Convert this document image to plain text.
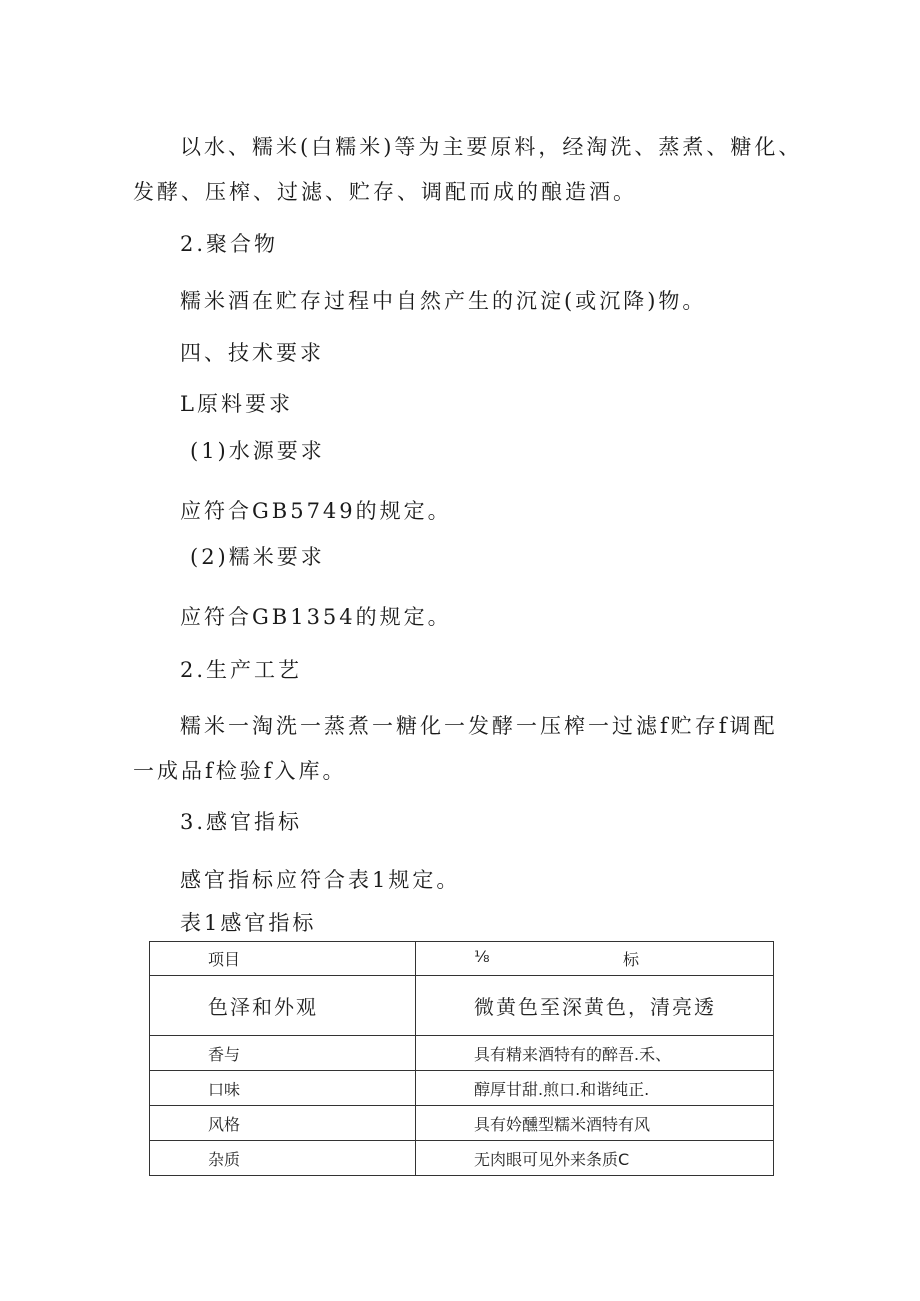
以水、糯米(白糯米)等为主要原料，经淘洗、蒸煮、糖化、
发酵、压榨、过滤、贮存、调配而成的酿造酒。
2.聚合物
糯米酒在贮存过程中自然产生的沉淀(或沉降)物。
四、技术要求
L原料要求
(1)水源要求
应符合GB5749的规定。
(2)糯米要求
应符合GB1354的规定。
2.生产工艺
糯米一淘洗一蒸煮一糖化一发酵一压榨一过滤f贮存f调配
一成品f检验f入库。
3.感官指标
感官指标应符合表1规定。
表1感官指标
项目	⅛ 标

色泽和外观	微黄色至深黄色，清亮透
香与	具有精来酒特有的醉吾.禾、
口味	醇厚甘甜.煎口.和谐纯正.
风格	具有妗醺型糯米酒特有风
杂质	无肉眼可见外来条质C
